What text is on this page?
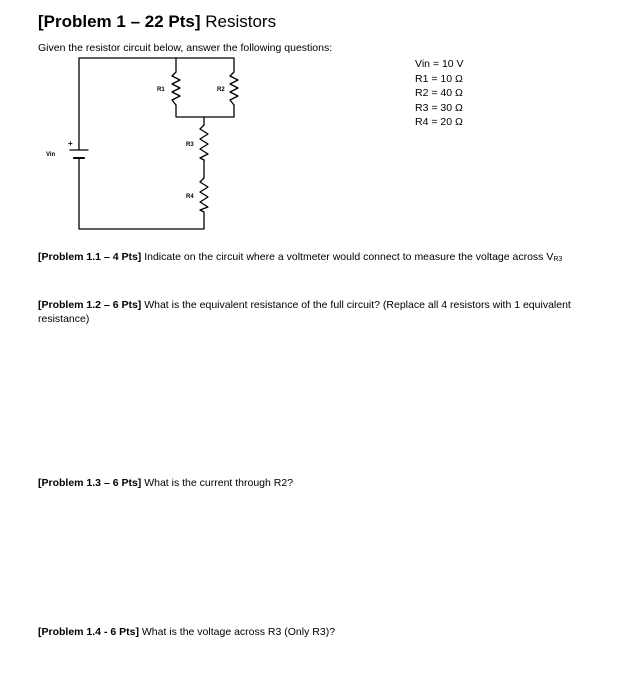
[Problem 1 – 22 Pts] Resistors
Given the resistor circuit below, answer the following questions:
Vin = 10 V
R1 = 10 Ω
R2 = 40 Ω
R3 = 30 Ω
R4 = 20 Ω
R1	R2
R3
R4
Vin
+
[Problem 1.1 – 4 Pts] Indicate on the circuit where a voltmeter would connect to measure the voltage across VR3
[Problem 1.2 – 6 Pts] What is the equivalent resistance of the full circuit? (Replace all 4 resistors with 1 equivalent resistance)
[Problem 1.3 – 6 Pts] What is the current through R2?
[Problem 1.4 - 6 Pts] What is the voltage across R3 (Only R3)?
